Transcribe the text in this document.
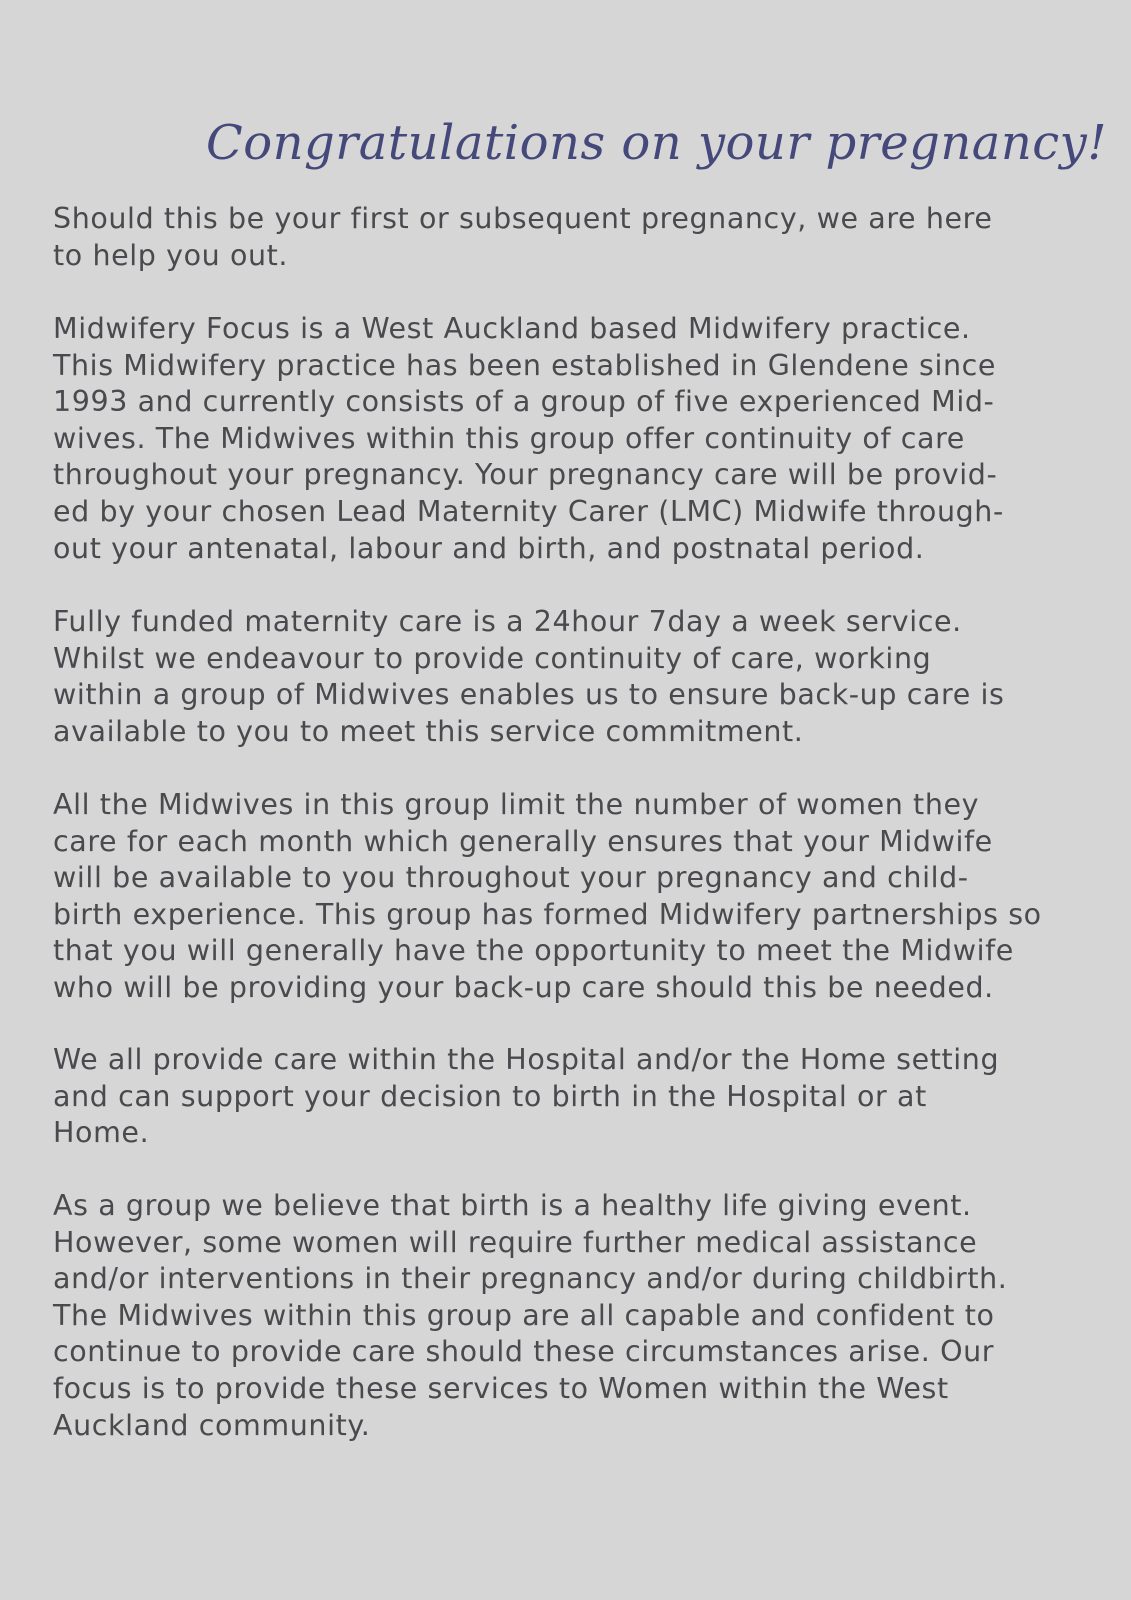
Congratulations on your pregnancy!

Should this be your first or subsequent pregnancy, we are here
to help you out.

Midwifery Focus is a West Auckland based Midwifery practice.
This Midwifery practice has been established in Glendene since
1993 and currently consists of a group of five experienced Mid-
wives. The Midwives within this group offer continuity of care
throughout your pregnancy. Your pregnancy care will be provid-
ed by your chosen Lead Maternity Carer (LMC) Midwife through-
out your antenatal, labour and birth, and postnatal period.

Fully funded maternity care is a 24hour 7day a week service.
Whilst we endeavour to provide continuity of care, working
within a group of Midwives enables us to ensure back-up care is
available to you to meet this service commitment.

All the Midwives in this group limit the number of women they
care for each month which generally ensures that your Midwife
will be available to you throughout your pregnancy and child-
birth experience. This group has formed Midwifery partnerships so
that you will generally have the opportunity to meet the Midwife
who will be providing your back-up care should this be needed.

We all provide care within the Hospital and/or the Home setting
and can support your decision to birth in the Hospital or at
Home.

As a group we believe that birth is a healthy life giving event.
However, some women will require further medical assistance
and/or interventions in their pregnancy and/or during childbirth.
The Midwives within this group are all capable and confident to
continue to provide care should these circumstances arise. Our
focus is to provide these services to Women within the West
Auckland community.
